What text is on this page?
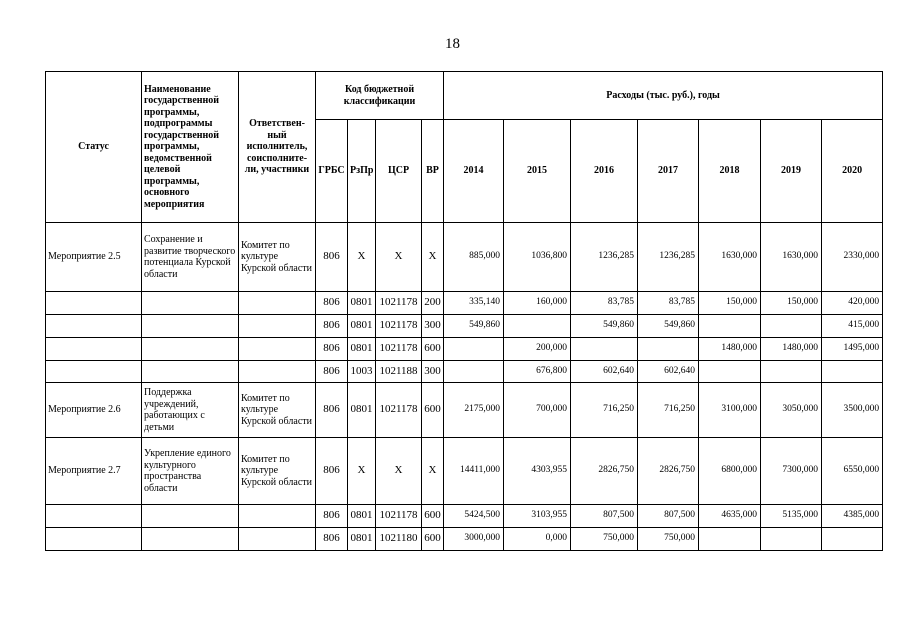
18
Статус	Наименование государственной программы, подпрограммы государственной программы, ведомственной целевой программы, основного мероприятия	Ответствен-ный исполнитель, соисполните-ли, участники	Код бюджетной классификации				Расходы (тыс. руб.), годы						
			ГРБС	РзПр	ЦСР	ВР	2014	2015	2016	2017	2018	2019	2020
Мероприятие 2.5	Сохранение и развитие творческого потенциала Курской области	Комитет по культуре Курской области	806	X	X	X	885,000	1036,800	1236,285	1236,285	1630,000	1630,000	2330,000
			806	0801	1021178	200	335,140	160,000	83,785	83,785	150,000	150,000	420,000
			806	0801	1021178	300	549,860		549,860	549,860			415,000
			806	0801	1021178	600		200,000			1480,000	1480,000	1495,000
			806	1003	1021188	300		676,800	602,640	602,640			
Мероприятие 2.6	Поддержка учреждений, работающих с детьми	Комитет по культуре Курской области	806	0801	1021178	600	2175,000	700,000	716,250	716,250	3100,000	3050,000	3500,000
Мероприятие 2.7	Укрепление единого культурного пространства области	Комитет по культуре Курской области	806	X	X	X	14411,000	4303,955	2826,750	2826,750	6800,000	7300,000	6550,000
			806	0801	1021178	600	5424,500	3103,955	807,500	807,500	4635,000	5135,000	4385,000
			806	0801	1021180	600	3000,000	0,000	750,000	750,000			
